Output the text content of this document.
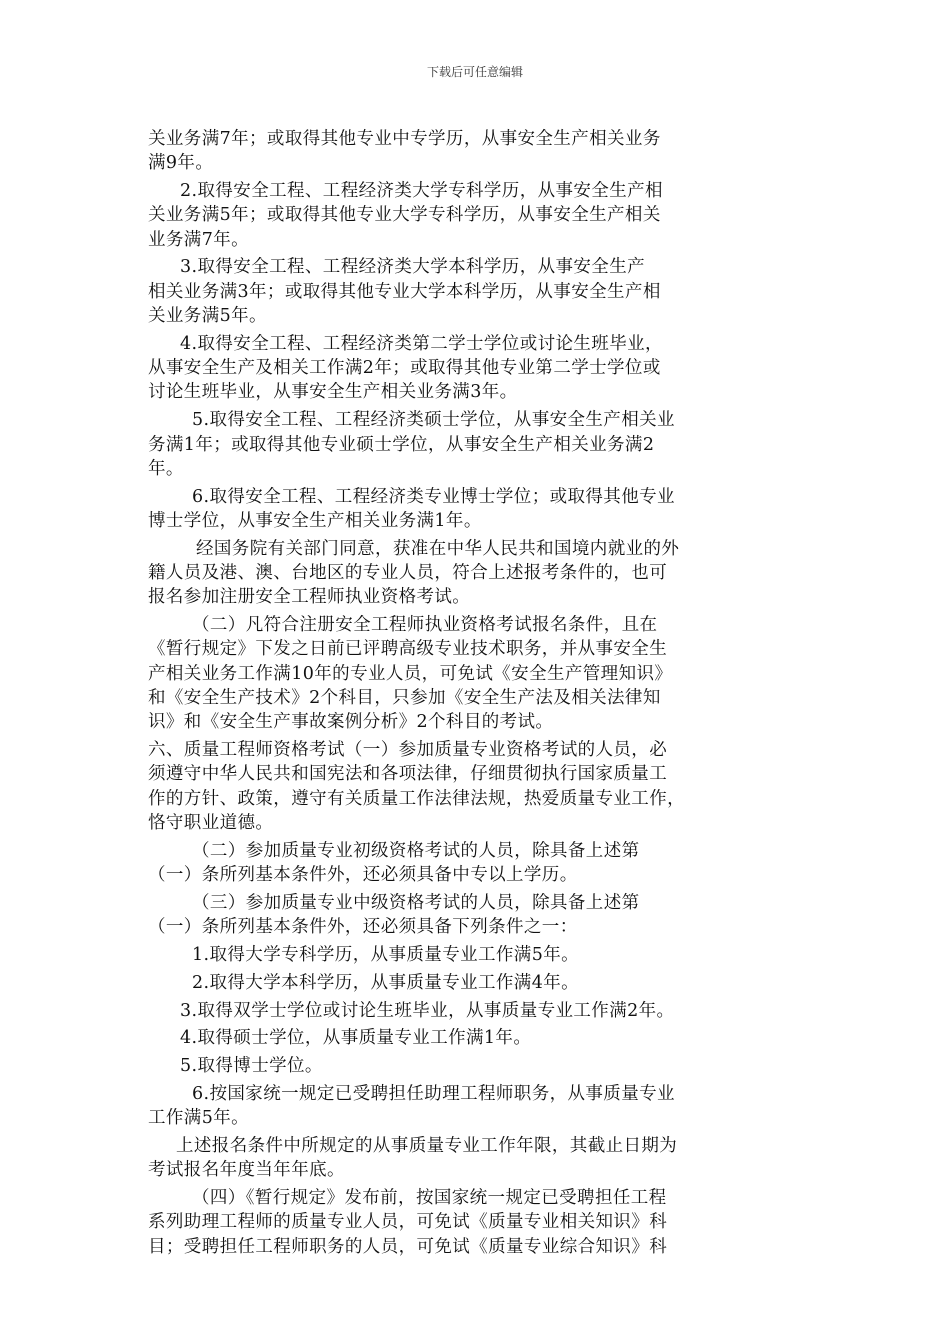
下载后可任意编辑
关业务满7年；或取得其他专业中专学历，从事安全生产相关业务
满9年。
2.取得安全工程、工程经济类大学专科学历，从事安全生产相
关业务满5年；或取得其他专业大学专科学历，从事安全生产相关
业务满7年。
3.取得安全工程、工程经济类大学本科学历，从事安全生产
相关业务满3年；或取得其他专业大学本科学历，从事安全生产相
关业务满5年。
4.取得安全工程、工程经济类第二学士学位或讨论生班毕业，
从事安全生产及相关工作满2年；或取得其他专业第二学士学位或
讨论生班毕业，从事安全生产相关业务满3年。
5.取得安全工程、工程经济类硕士学位，从事安全生产相关业
务满1年；或取得其他专业硕士学位，从事安全生产相关业务满2
年。
6.取得安全工程、工程经济类专业博士学位；或取得其他专业
博士学位，从事安全生产相关业务满1年。
经国务院有关部门同意，获准在中华人民共和国境内就业的外
籍人员及港、澳、台地区的专业人员，符合上述报考条件的，也可
报名参加注册安全工程师执业资格考试。
（二）凡符合注册安全工程师执业资格考试报名条件，且在
《暂行规定》下发之日前已评聘高级专业技术职务，并从事安全生
产相关业务工作满10年的专业人员，可免试《安全生产管理知识》
和《安全生产技术》2个科目，只参加《安全生产法及相关法律知
识》和《安全生产事故案例分析》2个科目的考试。
六、质量工程师资格考试（一）参加质量专业资格考试的人员，必
须遵守中华人民共和国宪法和各项法律，仔细贯彻执行国家质量工
作的方针、政策，遵守有关质量工作法律法规，热爱质量专业工作，
恪守职业道德。
（二）参加质量专业初级资格考试的人员，除具备上述第
（一）条所列基本条件外，还必须具备中专以上学历。
（三）参加质量专业中级资格考试的人员，除具备上述第
（一）条所列基本条件外，还必须具备下列条件之一：
1.取得大学专科学历，从事质量专业工作满5年。
2.取得大学本科学历，从事质量专业工作满4年。
3.取得双学士学位或讨论生班毕业，从事质量专业工作满2年。
4.取得硕士学位，从事质量专业工作满1年。
5.取得博士学位。
6.按国家统一规定已受聘担任助理工程师职务，从事质量专业
工作满5年。
上述报名条件中所规定的从事质量专业工作年限，其截止日期为
考试报名年度当年年底。
（四）《暂行规定》发布前，按国家统一规定已受聘担任工程
系列助理工程师的质量专业人员，可免试《质量专业相关知识》科
目；受聘担任工程师职务的人员，可免试《质量专业综合知识》科
